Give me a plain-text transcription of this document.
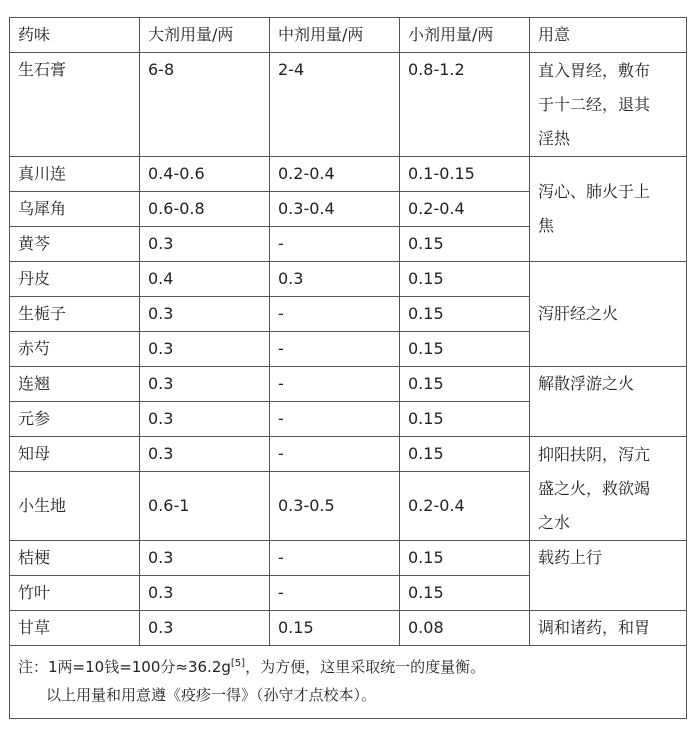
药味	大剂用量/两	中剂用量/两	小剂用量/两	用意
生石膏	6-8	2-4	0.8-1.2	直入胃经，敷布
于十二经，退其
淫热

真川连	0.4-0.6	0.2-0.4	0.1-0.15	泻心、肺火于上
焦

乌犀角	0.6-0.8	0.3-0.4	0.2-0.4	
黄芩	0.3	-	0.15	
丹皮	0.4	0.3	0.15	泻肝经之火

生栀子	0.3	-	0.15	
赤芍	0.3	-	0.15	
连翘	0.3	-	0.15	解散浮游之火

元参	0.3	-	0.15	
知母	0.3	-	0.15	抑阳扶阴，泻亢
盛之火，救欲竭
之水

小生地	0.6-1	0.3-0.5	0.2-0.4	
桔梗	0.3	-	0.15	载药上行

竹叶	0.3	-	0.15	
甘草	0.3	0.15	0.08	调和诸药，和胃

注：1两=10钱=100分≈36.2g[5]，为方便，这里采取统一的度量衡。
以上用量和用意遵《疫疹一得》（孙守才点校本）。				
